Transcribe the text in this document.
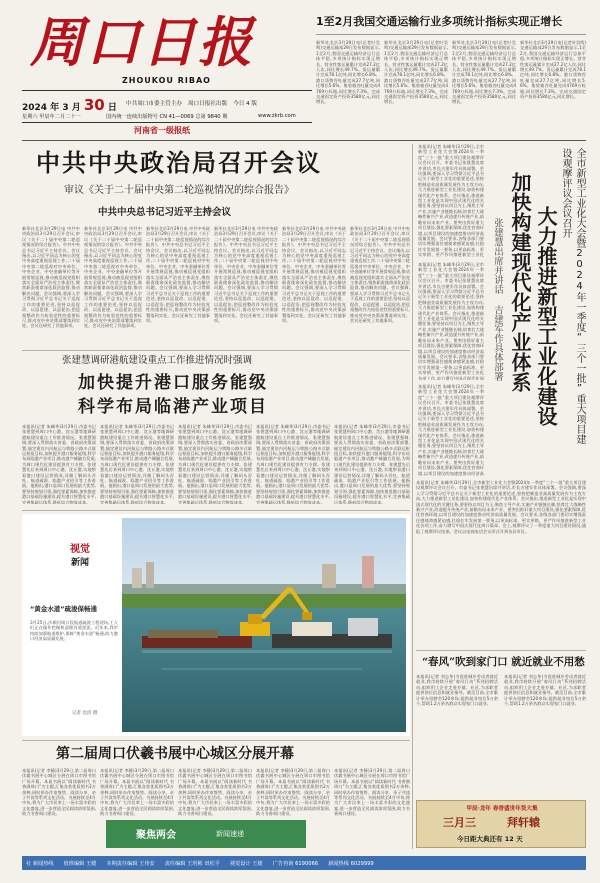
周口日报
ZHOUKOU RIBAO
2024 年 3 月 30 日 中共周口市委主管主办 周口日报社出版 今日 4 版
星期六 甲辰年二月二十一	国内统一连续出版物号 CN 41—0069 总第 9840 期	www.zkrb.com
河南省一级报纸
1至2月我国交通运输行业多项统计指标实现正增长
新华社北京3月29日电(记者叶昊鸣)交通运输部29日发布数据显示,1至2月,我国交通运输经济运行总体平稳,多项统计指标实现正增长。营业性客运量累计完成27.2亿人次,同比增长49.7%。货运量累计完成78.1亿吨,同比增长6.8%。港口货物吞吐量完成27.7亿吨,同比增长5.6%。集装箱吞吐量完成4769万标箱,同比增长7.3%。完成交通固定资产投资3580亿元,同比增长。
新华社北京3月29日电(记者叶昊鸣)交通运输部29日发布数据显示,1至2月,我国交通运输经济运行总体平稳,多项统计指标实现正增长。营业性客运量累计完成27.2亿人次,同比增长49.7%。货运量累计完成78.1亿吨,同比增长6.8%。港口货物吞吐量完成27.7亿吨,同比增长5.6%。集装箱吞吐量完成4769万标箱,同比增长7.3%。完成交通固定资产投资3580亿元,同比增长。
新华社北京3月29日电(记者叶昊鸣)交通运输部29日发布数据显示,1至2月,我国交通运输经济运行总体平稳,多项统计指标实现正增长。营业性客运量累计完成27.2亿人次,同比增长49.7%。货运量累计完成78.1亿吨,同比增长6.8%。港口货物吞吐量完成27.7亿吨,同比增长5.6%。集装箱吞吐量完成4769万标箱,同比增长7.3%。完成交通固定资产投资3580亿元,同比增长。
新华社北京3月29日电(记者叶昊鸣)交通运输部29日发布数据显示,1至2月,我国交通运输经济运行总体平稳,多项统计指标实现正增长。营业性客运量累计完成27.2亿人次,同比增长49.7%。货运量累计完成78.1亿吨,同比增长6.8%。港口货物吞吐量完成27.7亿吨,同比增长5.6%。集装箱吞吐量完成4769万标箱,同比增长7.3%。完成交通固定资产投资3580亿元,同比增长。
中共中央政治局召开会议
审议《关于二十届中央第二轮巡视情况的综合报告》
中共中央总书记习近平主持会议
新华社北京3月29日电 中共中央政治局3月29日召开会议,审议《关于二十届中央第二轮巡视情况的综合报告》。中共中央总书记习近平主持会议。会议指出,以习近平同志为核心的党中央高度重视巡视工作,二十届中央第二轮巡视对中央单位、中央企业、中央金融单位等开展常规巡视,推动被巡视党组织落实全面从严治党主体责任,聚焦职责使命深化政治监督,推动解决问题。会议强调,要深入学习贯彻习近平总书记关于巡视工作的重要论述,坚持以巡促改、以巡促建、以巡促治,把巡视整改作为检验党性的重要标尺,推动党中央决策部署落到实处。会议还研究了其他事项。
新华社北京3月29日电 中共中央政治局3月29日召开会议,审议《关于二十届中央第二轮巡视情况的综合报告》。中共中央总书记习近平主持会议。会议指出,以习近平同志为核心的党中央高度重视巡视工作,二十届中央第二轮巡视对中央单位、中央企业、中央金融单位等开展常规巡视,推动被巡视党组织落实全面从严治党主体责任,聚焦职责使命深化政治监督,推动解决问题。会议强调,要深入学习贯彻习近平总书记关于巡视工作的重要论述,坚持以巡促改、以巡促建、以巡促治,把巡视整改作为检验党性的重要标尺,推动党中央决策部署落到实处。会议还研究了其他事项。
新华社北京3月29日电 中共中央政治局3月29日召开会议,审议《关于二十届中央第二轮巡视情况的综合报告》。中共中央总书记习近平主持会议。会议指出,以习近平同志为核心的党中央高度重视巡视工作,二十届中央第二轮巡视对中央单位、中央企业、中央金融单位等开展常规巡视,推动被巡视党组织落实全面从严治党主体责任,聚焦职责使命深化政治监督,推动解决问题。会议强调,要深入学习贯彻习近平总书记关于巡视工作的重要论述,坚持以巡促改、以巡促建、以巡促治,把巡视整改作为检验党性的重要标尺,推动党中央决策部署落到实处。会议还研究了其他事项。
新华社北京3月29日电 中共中央政治局3月29日召开会议,审议《关于二十届中央第二轮巡视情况的综合报告》。中共中央总书记习近平主持会议。会议指出,以习近平同志为核心的党中央高度重视巡视工作,二十届中央第二轮巡视对中央单位、中央企业、中央金融单位等开展常规巡视,推动被巡视党组织落实全面从严治党主体责任,聚焦职责使命深化政治监督,推动解决问题。会议强调,要深入学习贯彻习近平总书记关于巡视工作的重要论述,坚持以巡促改、以巡促建、以巡促治,把巡视整改作为检验党性的重要标尺,推动党中央决策部署落到实处。会议还研究了其他事项。
新华社北京3月29日电 中共中央政治局3月29日召开会议,审议《关于二十届中央第二轮巡视情况的综合报告》。中共中央总书记习近平主持会议。会议指出,以习近平同志为核心的党中央高度重视巡视工作,二十届中央第二轮巡视对中央单位、中央企业、中央金融单位等开展常规巡视,推动被巡视党组织落实全面从严治党主体责任,聚焦职责使命深化政治监督,推动解决问题。会议强调,要深入学习贯彻习近平总书记关于巡视工作的重要论述,坚持以巡促改、以巡促建、以巡促治,把巡视整改作为检验党性的重要标尺,推动党中央决策部署落到实处。会议还研究了其他事项。
新华社北京3月29日电 中共中央政治局3月29日召开会议,审议《关于二十届中央第二轮巡视情况的综合报告》。中共中央总书记习近平主持会议。会议指出,以习近平同志为核心的党中央高度重视巡视工作,二十届中央第二轮巡视对中央单位、中央企业、中央金融单位等开展常规巡视,推动被巡视党组织落实全面从严治党主体责任,聚焦职责使命深化政治监督,推动解决问题。会议强调,要深入学习贯彻习近平总书记关于巡视工作的重要论述,坚持以巡促改、以巡促建、以巡促治,把巡视整改作为检验党性的重要标尺,推动党中央决策部署落到实处。会议还研究了其他事项。
张建慧调研港航建设重点工作推进情况时强调
加快提升港口服务能级
科学布局临港产业项目
本报讯(记者 朱峰华)3月29日,市委书记张建慧到周口中心港、沈丘港等地调研港航建设重点工作推进情况。张建慧强调,要深入贯彻落实省委、省政府决策部署,锚定建设内河航运与铁路公路多式联运枢纽目标,加快提升港口服务能级,科学布局临港产业项目,推动港产城融合发展,为周口现代化建设提供有力支撑。张建慧先后来到周口中心港、沈丘港,实地察看港口建设运营情况,详细了解码头吞吐、航道疏浚、临港产业招引等工作进展。他指出,港口是周口发展的最大优势,要坚持规划引领,强化要素保障,加快推进港口基础设施建设,提升港口智慧化水平,完善集疏运体系,降低综合物流成本。
本报讯(记者 朱峰华)3月29日,市委书记张建慧到周口中心港、沈丘港等地调研港航建设重点工作推进情况。张建慧强调,要深入贯彻落实省委、省政府决策部署,锚定建设内河航运与铁路公路多式联运枢纽目标,加快提升港口服务能级,科学布局临港产业项目,推动港产城融合发展,为周口现代化建设提供有力支撑。张建慧先后来到周口中心港、沈丘港,实地察看港口建设运营情况,详细了解码头吞吐、航道疏浚、临港产业招引等工作进展。他指出,港口是周口发展的最大优势,要坚持规划引领,强化要素保障,加快推进港口基础设施建设,提升港口智慧化水平,完善集疏运体系,降低综合物流成本。
本报讯(记者 朱峰华)3月29日,市委书记张建慧到周口中心港、沈丘港等地调研港航建设重点工作推进情况。张建慧强调,要深入贯彻落实省委、省政府决策部署,锚定建设内河航运与铁路公路多式联运枢纽目标,加快提升港口服务能级,科学布局临港产业项目,推动港产城融合发展,为周口现代化建设提供有力支撑。张建慧先后来到周口中心港、沈丘港,实地察看港口建设运营情况,详细了解码头吞吐、航道疏浚、临港产业招引等工作进展。他指出,港口是周口发展的最大优势,要坚持规划引领,强化要素保障,加快推进港口基础设施建设,提升港口智慧化水平,完善集疏运体系,降低综合物流成本。
本报讯(记者 朱峰华)3月29日,市委书记张建慧到周口中心港、沈丘港等地调研港航建设重点工作推进情况。张建慧强调,要深入贯彻落实省委、省政府决策部署,锚定建设内河航运与铁路公路多式联运枢纽目标,加快提升港口服务能级,科学布局临港产业项目,推动港产城融合发展,为周口现代化建设提供有力支撑。张建慧先后来到周口中心港、沈丘港,实地察看港口建设运营情况,详细了解码头吞吐、航道疏浚、临港产业招引等工作进展。他指出,港口是周口发展的最大优势,要坚持规划引领,强化要素保障,加快推进港口基础设施建设,提升港口智慧化水平,完善集疏运体系,降低综合物流成本。
本报讯(记者 朱峰华)3月29日,市委书记张建慧到周口中心港、沈丘港等地调研港航建设重点工作推进情况。张建慧强调,要深入贯彻落实省委、省政府决策部署,锚定建设内河航运与铁路公路多式联运枢纽目标,加快提升港口服务能级,科学布局临港产业项目,推动港产城融合发展,为周口现代化建设提供有力支撑。张建慧先后来到周口中心港、沈丘港,实地察看港口建设运营情况,详细了解码头吞吐、航道疏浚、临港产业招引等工作进展。他指出,港口是周口发展的最大优势,要坚持规划引领,强化要素保障,加快推进港口基础设施建设,提升港口智慧化水平,完善集疏运体系,降低综合物流成本。
视觉
新闻
“黄金水道”疏浚保畅通
3月25日,沙颍河周口段航道疏浚工程现场,工人们正在操作挖掘机清理河道淤泥。近年来,我市持续加强航道维护,保障“黄金水道”畅通,助力港口经济高质量发展。
记者 沈清 摄
第二届周口伏羲书展中心城区分展开幕
本报讯(记者 李静)3月29日,第二届周口伏羲书展中心城区分展在周口市图书馆广场开幕。本届书展以“阅读新时代 书香满周口”为主题,汇集各类优质图书2万余种,同时举办作家签售、阅读分享、亲子共读等系列文化活动。书展持续至4月中旬,将为广大市民奉上一场丰富多彩的文化盛宴,进一步营造全民阅读浓厚氛围,助力书香周口建设。
本报讯(记者 李静)3月29日,第二届周口伏羲书展中心城区分展在周口市图书馆广场开幕。本届书展以“阅读新时代 书香满周口”为主题,汇集各类优质图书2万余种,同时举办作家签售、阅读分享、亲子共读等系列文化活动。书展持续至4月中旬,将为广大市民奉上一场丰富多彩的文化盛宴,进一步营造全民阅读浓厚氛围,助力书香周口建设。
本报讯(记者 李静)3月29日,第二届周口伏羲书展中心城区分展在周口市图书馆广场开幕。本届书展以“阅读新时代 书香满周口”为主题,汇集各类优质图书2万余种,同时举办作家签售、阅读分享、亲子共读等系列文化活动。书展持续至4月中旬,将为广大市民奉上一场丰富多彩的文化盛宴,进一步营造全民阅读浓厚氛围,助力书香周口建设。
本报讯(记者 李静)3月29日,第二届周口伏羲书展中心城区分展在周口市图书馆广场开幕。本届书展以“阅读新时代 书香满周口”为主题,汇集各类优质图书2万余种,同时举办作家签售、阅读分享、亲子共读等系列文化活动。书展持续至4月中旬,将为广大市民奉上一场丰富多彩的文化盛宴,进一步营造全民阅读浓厚氛围,助力书香周口建设。
本报讯(记者 李静)3月29日,第二届周口伏羲书展中心城区分展在周口市图书馆广场开幕。本届书展以“阅读新时代 书香满周口”为主题,汇集各类优质图书2万余种,同时举办作家签售、阅读分享、亲子共读等系列文化活动。书展持续至4月中旬,将为广大市民奉上一场丰富多彩的文化盛宴,进一步营造全民阅读浓厚氛围,助力书香周口建设。
本报讯(记者 朱峰华)3月29日,全市新型工业化大会暨2024年一季度“三个一批”重大项目建设观摩评议会议召开。市委书记张建慧出席并讲话,市长吉建军作具体部署。会议强调,要深入学习贯彻习近平总书记关于新型工业化的重要论述,坚持把制造业高质量发展作为主攻方向,大力推进新型工业化建设,加快构建现代化产业体系。会议指出,推进新型工业化是实现中国式现代化的关键任务,要坚持以项目为王,聚焦主导产业,实施产业链链长制,培育壮大战略性新兴产业,改造提升传统产业,前瞻布局未来产业。要突出抓好重大项目建设,强化要素保障,优化营商环境,以项目建设的加速度推动经济高质量发展。会议要求,各级各部门要切实增强责任感使命感紧迫感,扛稳扛牢发展第一要务,以更高标准、更实举措、更严作风推进新型工业化
本报讯(记者 朱峰华)3月29日,全市新型工业化大会暨2024年一季度“三个一批”重大项目建设观摩评议会议召开。市委书记张建慧出席并讲话,市长吉建军作具体部署。会议强调,要深入学习贯彻习近平总书记关于新型工业化的重要论述,坚持把制造业高质量发展作为主攻方向,大力推进新型工业化建设,加快构建现代化产业体系。会议指出,推进新型工业化是实现中国式现代化的关键任务,要坚持以项目为王,聚焦主导产业,实施产业链链长制,培育壮大战略性新兴产业,改造提升传统产业,前瞻布局未来产业。要突出抓好重大项目建设,强化要素保障,优化营商环境,以项目建设的加速度推动经济高质量发展。会议要求,各级各部门要切实增强责任感使命感紧迫感,扛稳扛牢发展第一要务,以更高标准、更实举措、更严作风推进新型工业化各项工作,奋力谱写中国式现代化周
本报讯(记者 朱峰华)3月29日,全市新型工业化大会暨2024年一季度“三个一批”重大项目建设观摩评议会议召开。市委书记张建慧出席并讲话,市长吉建军作具体部署。会议强调,要深入学习贯彻习近平总书记关于新型工业化的重要论述,坚持把制造业高质量发展作为主攻方向,大力推进新型工业化建设,加快构建现代化产业体系。会议指出,推进新型工业化是实现中国式现代化的关键任务,要坚持以项目为王,聚焦主导产业,实施产业链链长制,培育壮大战略性新兴产业,改造提升传统产业,前瞻布局未来产业。要突出抓好重大项目建设,强化要素保障,优化营商环境,以项目建设的加速度推动经济高
全市新型工业化大会暨2024年一季度“三个一批”重大项目建设观摩评议会议召开
大力推进新型工业化建设
加快构建现代化产业体系
张建慧出席并讲话 吉建军作具体部署
本报讯(记者 朱峰华)3月29日,全市新型工业化大会暨2024年一季度“三个一批”重大项目建设观摩评议会议召开。市委书记张建慧出席并讲话,市长吉建军作具体部署。会议强调,要深入学习贯彻习近平总书记关于新型工业化的重要论述,坚持把制造业高质量发展作为主攻方向,大力推进新型工业化建设,加快构建现代化产业体系。会议指出,推进新型工业化是实现中国式现代化的关键任务,要坚持以项目为王,聚焦主导产业,实施产业链链长制,培育壮大战略性新兴产业,改造提升传统产业,前瞻布局未来产业。要突出抓好重大项目建设,强化要素保障,优化营商环境,以项目建设的加速度推动经济高质量发展。会议要求,各级各部门要切实增强责任感使命感紧迫感,扛稳扛牢发展第一要务,以更高标准、更实举措、更严作风推进新型工业化各项工作,奋力谱写中国式现代化周口篇章。会上,观摩评议了一季度重大项目建设情况,通报了观摩评议结果。会议以电视电话会议形式开到各县市区。
“春风”吹到家门口 就近就业不用愁
本报讯(记者 刘志华)为促进城乡劳动者就近就业,我市持续开展“春风行动”系列招聘活动,组织用工企业走进乡镇、社区,为求职者提供岗位信息和就业指导。截至目前,全市累计举办招聘会120余场,提供就业岗位5万余个,帮助1.2万余名群众实现家门口就业。
本报讯(记者 刘志华)为促进城乡劳动者就近就业,我市持续开展“春风行动”系列招聘活动,组织用工企业走进乡镇、社区,为求职者提供岗位信息和就业指导。截至目前,全市累计举办招聘会120余场,提供就业岗位5万余个,帮助1.2万余名群众实现家门口就业。
甲辰·龙年 春香盛世年货大集
三月三	拜轩辕
今日距大典还有 12 天
聚焦两会	新闻速递
社 新闻热线 值班编辑 王健 本期责任编辑 王伟安 责任编辑 王玥彬 田松平 视觉设计 王捷 广告咨询 6190066 新闻热线 6029999
